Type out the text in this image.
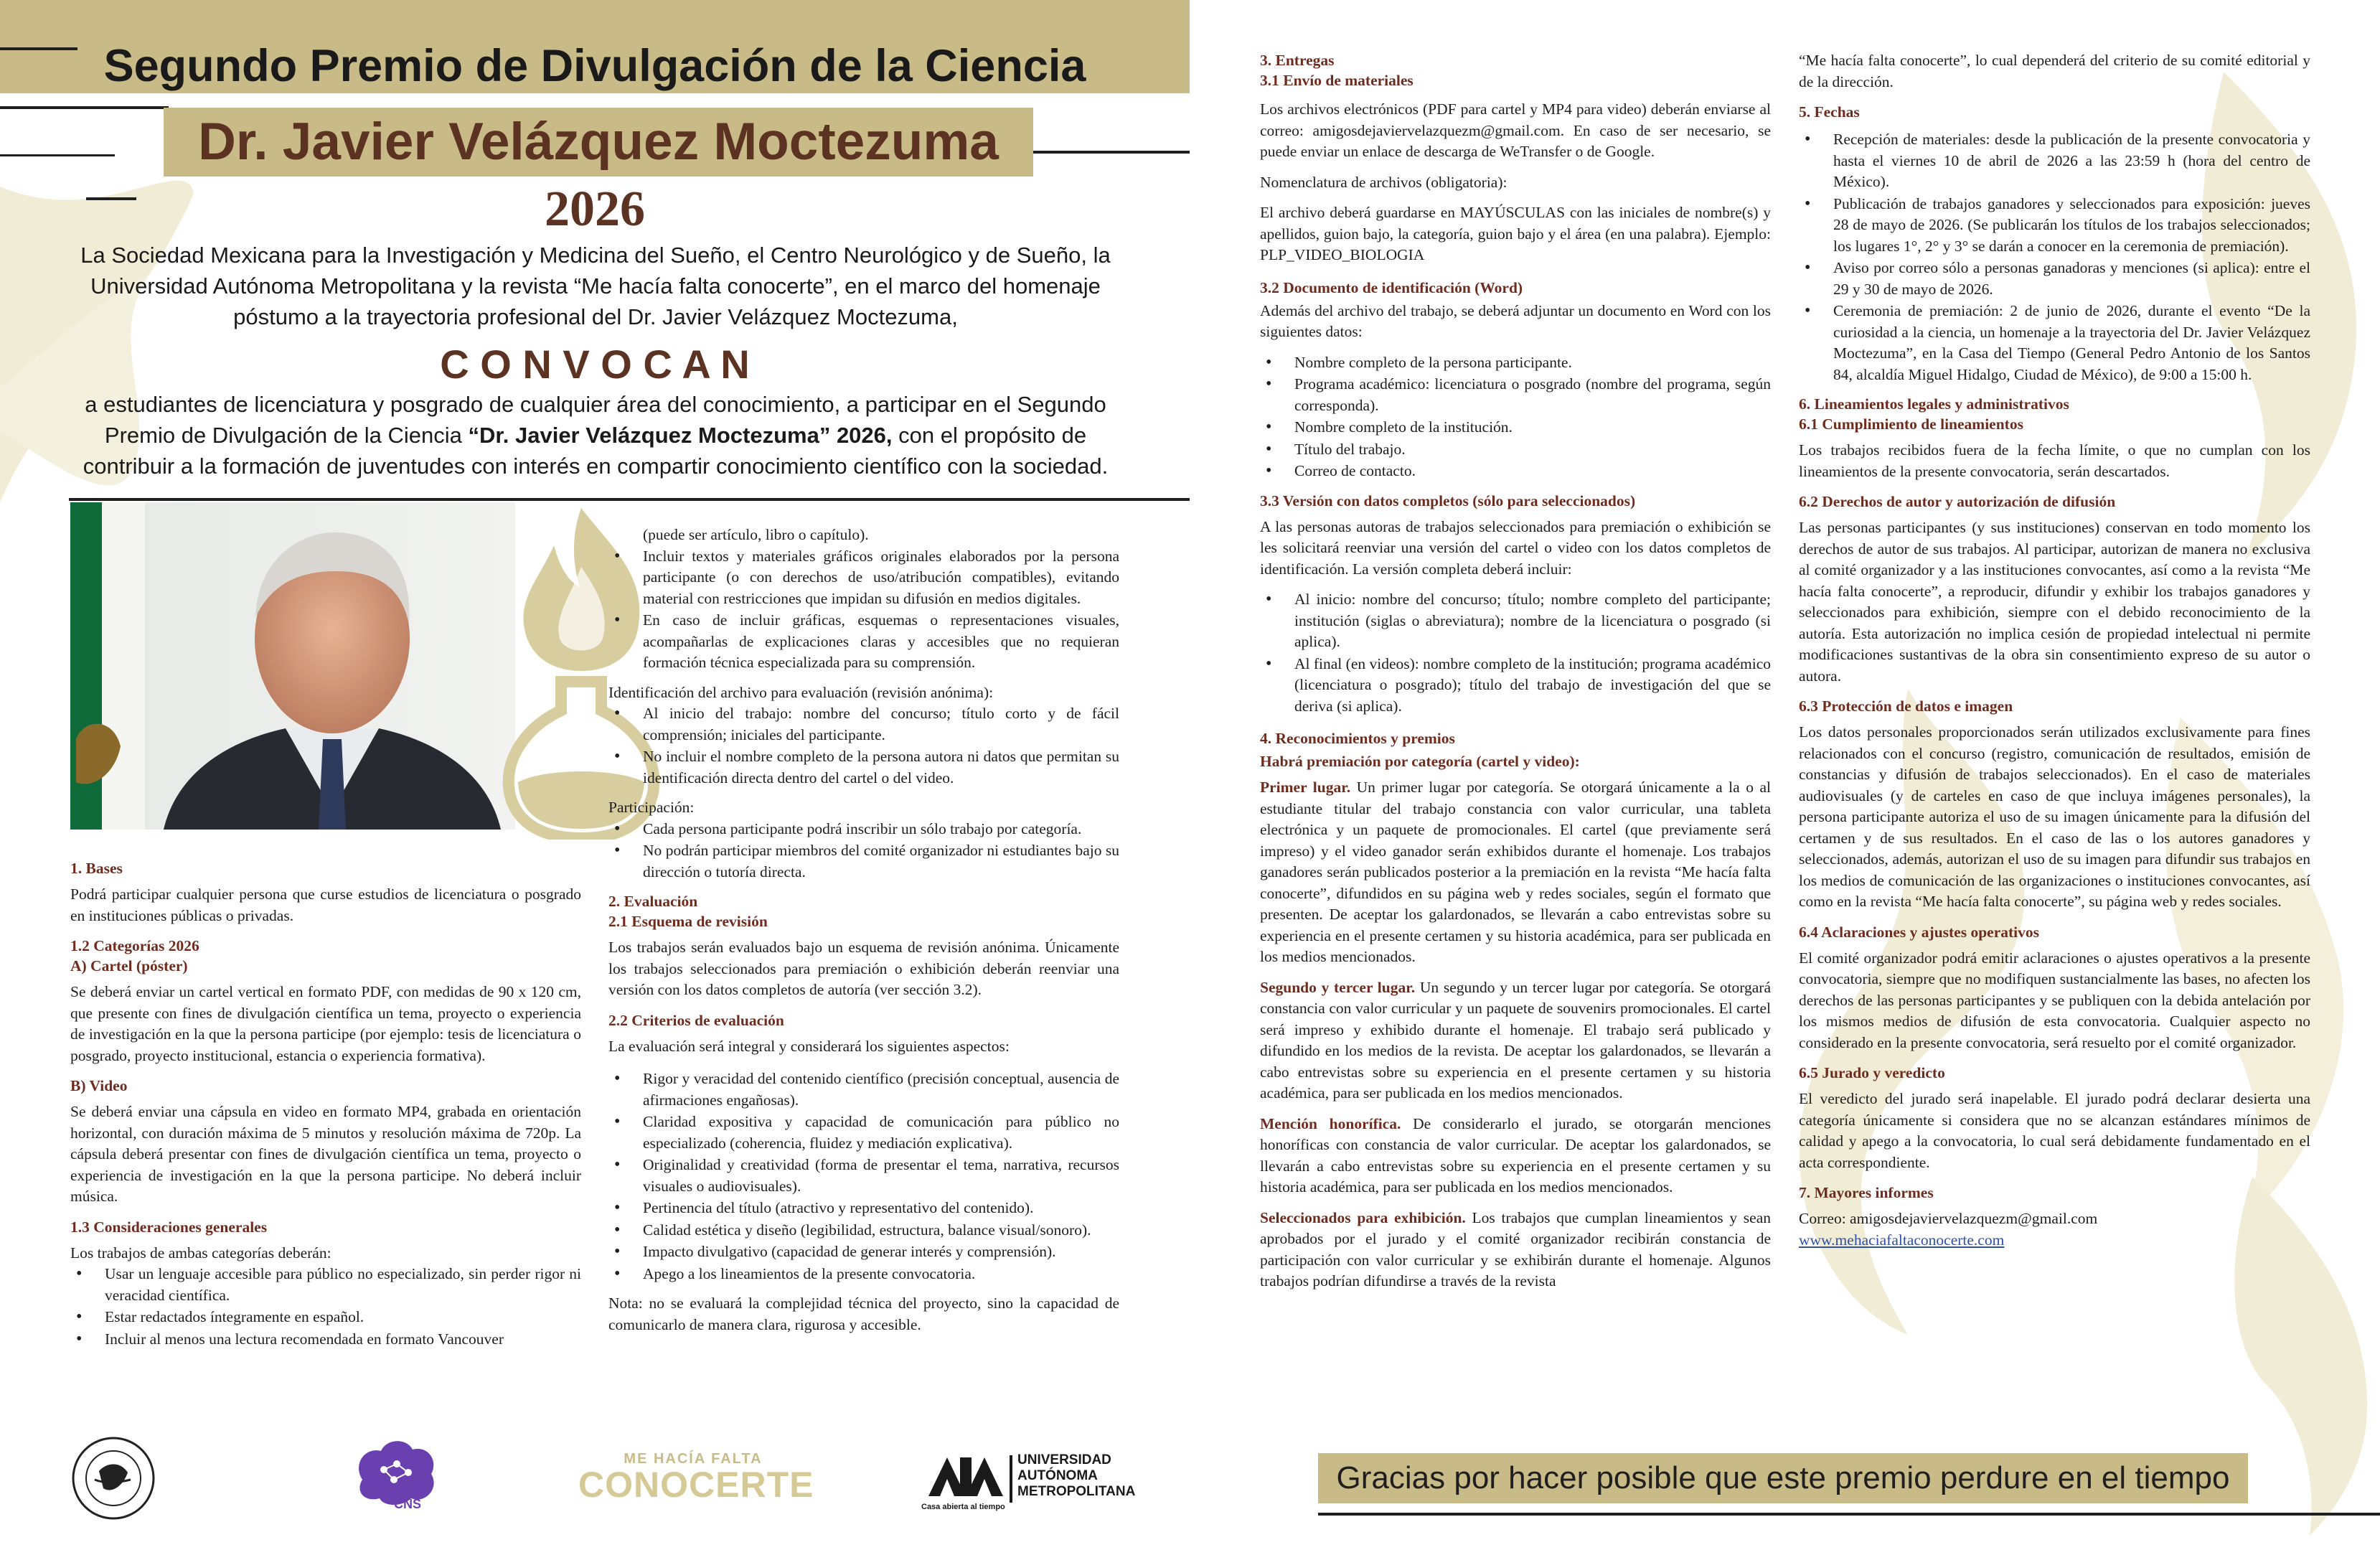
Segundo Premio de Divulgación de la Ciencia
Dr. Javier Velázquez Moctezuma
2026
La Sociedad Mexicana para la Investigación y Medicina del Sueño, el Centro Neurológico y de Sueño, la Universidad Autónoma Metropolitana y la revista “Me hacía falta conocerte”, en el marco del homenaje póstumo a la trayectoria profesional del Dr. Javier Velázquez Moctezuma,
C O N V O C A N
a estudiantes de licenciatura y posgrado de cualquier área del conocimiento, a participar en el Segundo Premio de Divulgación de la Ciencia “Dr. Javier Velázquez Moctezuma” 2026, con el propósito de contribuir a la formación de juventudes con interés en compartir conocimiento científico con la sociedad.
1. Bases

Podrá participar cualquier persona que curse estudios de licenciatura o posgrado en instituciones públicas o privadas.

1.2 Categorías 2026
A) Cartel (póster)

Se deberá enviar un cartel vertical en formato PDF, con medidas de 90 x 120 cm, que presente con fines de divulgación científica un tema, proyecto o experiencia de investigación en la que la persona participe (por ejemplo: tesis de licenciatura o posgrado, proyecto institucional, estancia o experiencia formativa).

B) Video

Se deberá enviar una cápsula en video en formato MP4, grabada en orientación horizontal, con duración máxima de 5 minutos y resolución máxima de 720p. La cápsula deberá presentar con fines de divulgación científica un tema, proyecto o experiencia de investigación en la que la persona participe. No deberá incluir música.

1.3 Consideraciones generales

Los trabajos de ambas categorías deberán:

• Usar un lenguaje accesible para público no especializado, sin perder rigor ni veracidad científica.
• Estar redactados íntegramente en español.
• Incluir al menos una lectura recomendada en formato Vancouver

(puede ser artículo, libro o capítulo).

• Incluir textos y materiales gráficos originales elaborados por la persona participante (o con derechos de uso/atribución compatibles), evitando material con restricciones que impidan su difusión en medios digitales.
• En caso de incluir gráficas, esquemas o representaciones visuales, acompañarlas de explicaciones claras y accesibles que no requieran formación técnica especializada para su comprensión.

Identificación del archivo para evaluación (revisión anónima):

• Al inicio del trabajo: nombre del concurso; título corto y de fácil comprensión; iniciales del participante.
• No incluir el nombre completo de la persona autora ni datos que permitan su identificación directa dentro del cartel o del video.

Participación:

• Cada persona participante podrá inscribir un sólo trabajo por categoría.
• No podrán participar miembros del comité organizador ni estudiantes bajo su dirección o tutoría directa.
2. Evaluación
2.1 Esquema de revisión

Los trabajos serán evaluados bajo un esquema de revisión anónima. Únicamente los trabajos seleccionados para premiación o exhibición deberán reenviar una versión con los datos completos de autoría (ver sección 3.2).

2.2 Criterios de evaluación

La evaluación será integral y considerará los siguientes aspectos:

• Rigor y veracidad del contenido científico (precisión conceptual, ausencia de afirmaciones engañosas).
• Claridad expositiva y capacidad de comunicación para público no especializado (coherencia, fluidez y mediación explicativa).
• Originalidad y creatividad (forma de presentar el tema, narrativa, recursos visuales o audiovisuales).
• Pertinencia del título (atractivo y representativo del contenido).
• Calidad estética y diseño (legibilidad, estructura, balance visual/sonoro).
• Impacto divulgativo (capacidad de generar interés y comprensión).
• Apego a los lineamientos de la presente convocatoria.

Nota: no se evaluará la complejidad técnica del proyecto, sino la capacidad de comunicarlo de manera clara, rigurosa y accesible.

CNS
ME HACÍA FALTA
CONOCERTE
UNIVERSIDAD
AUTÓNOMA
METROPOLITANA
Casa abierta al tiempo
3. Entregas
3.1 Envío de materiales

Los archivos electrónicos (PDF para cartel y MP4 para video) deberán enviarse al correo: amigosdejaviervelazquezm@gmail.com. En caso de ser necesario, se puede enviar un enlace de descarga de WeTransfer o de Google.

Nomenclatura de archivos (obligatoria):

El archivo deberá guardarse en MAYÚSCULAS con las iniciales de nombre(s) y apellidos, guion bajo, la categoría, guion bajo y el área (en una palabra). Ejemplo: PLP_VIDEO_BIOLOGIA

3.2 Documento de identificación (Word)

Además del archivo del trabajo, se deberá adjuntar un documento en Word con los siguientes datos:

• Nombre completo de la persona participante.
• Programa académico: licenciatura o posgrado (nombre del programa, según corresponda).
• Nombre completo de la institución.
• Título del trabajo.
• Correo de contacto.
3.3 Versión con datos completos (sólo para seleccionados)

A las personas autoras de trabajos seleccionados para premiación o exhibición se les solicitará reenviar una versión del cartel o video con los datos completos de identificación. La versión completa deberá incluir:

• Al inicio: nombre del concurso; título; nombre completo del participante; institución (siglas o abreviatura); nombre de la licenciatura o posgrado (si aplica).
• Al final (en videos): nombre completo de la institución; programa académico (licenciatura o posgrado); título del trabajo de investigación del que se deriva (si aplica).
4. Reconocimientos y premios
Habrá premiación por categoría (cartel y video):

Primer lugar. Un primer lugar por categoría. Se otorgará únicamente a la o al estudiante titular del trabajo constancia con valor curricular, una tableta electrónica y un paquete de promocionales. El cartel (que previamente será impreso) y el video ganador serán exhibidos durante el homenaje. Los trabajos ganadores serán publicados posterior a la premiación en la revista “Me hacía falta conocerte”, difundidos en su página web y redes sociales, según el formato que presenten. De aceptar los galardonados, se llevarán a cabo entrevistas sobre su experiencia en el presente certamen y su historia académica, para ser publicada en los medios mencionados.

Segundo y tercer lugar. Un segundo y un tercer lugar por categoría. Se otorgará constancia con valor curricular y un paquete de souvenirs promocionales. El cartel será impreso y exhibido durante el homenaje. El trabajo será publicado y difundido en los medios de la revista. De aceptar los galardonados, se llevarán a cabo entrevistas sobre su experiencia en el presente certamen y su historia académica, para ser publicada en los medios mencionados.

Mención honorífica. De considerarlo el jurado, se otorgarán menciones honoríficas con constancia de valor curricular. De aceptar los galardonados, se llevarán a cabo entrevistas sobre su experiencia en el presente certamen y su historia académica, para ser publicada en los medios mencionados.

Seleccionados para exhibición. Los trabajos que cumplan lineamientos y sean aprobados por el jurado y el comité organizador recibirán constancia de participación con valor curricular y se exhibirán durante el homenaje. Algunos trabajos podrían difundirse a través de la revista

“Me hacía falta conocerte”, lo cual dependerá del criterio de su comité editorial y de la dirección.

5. Fechas
• Recepción de materiales: desde la publicación de la presente convocatoria y hasta el viernes 10 de abril de 2026 a las 23:59 h (hora del centro de México).
• Publicación de trabajos ganadores y seleccionados para exposición: jueves 28 de mayo de 2026. (Se publicarán los títulos de los trabajos seleccionados; los lugares 1°, 2° y 3° se darán a conocer en la ceremonia de premiación).
• Aviso por correo sólo a personas ganadoras y menciones (si aplica): entre el 29 y 30 de mayo de 2026.
• Ceremonia de premiación: 2 de junio de 2026, durante el evento “De la curiosidad a la ciencia, un homenaje a la trayectoria del Dr. Javier Velázquez Moctezuma”, en la Casa del Tiempo (General Pedro Antonio de los Santos 84, alcaldía Miguel Hidalgo, Ciudad de México), de 9:00 a 15:00 h.
6. Lineamientos legales y administrativos
6.1 Cumplimiento de lineamientos

Los trabajos recibidos fuera de la fecha límite, o que no cumplan con los lineamientos de la presente convocatoria, serán descartados.

6.2 Derechos de autor y autorización de difusión

Las personas participantes (y sus instituciones) conservan en todo momento los derechos de autor de sus trabajos. Al participar, autorizan de manera no exclusiva al comité organizador y a las instituciones convocantes, así como a la revista “Me hacía falta conocerte”, a reproducir, difundir y exhibir los trabajos ganadores y seleccionados para exhibición, siempre con el debido reconocimiento de la autoría. Esta autorización no implica cesión de propiedad intelectual ni permite modificaciones sustantivas de la obra sin consentimiento expreso de su autor o autora.

6.3 Protección de datos e imagen

Los datos personales proporcionados serán utilizados exclusivamente para fines relacionados con el concurso (registro, comunicación de resultados, emisión de constancias y difusión de trabajos seleccionados). En el caso de materiales audiovisuales (y de carteles en caso de que incluya imágenes personales), la persona participante autoriza el uso de su imagen únicamente para la difusión del certamen y de sus resultados. En el caso de las o los autores ganadores y seleccionados, además, autorizan el uso de su imagen para difundir sus trabajos en los medios de comunicación de las organizaciones o instituciones convocantes, así como en la revista “Me hacía falta conocerte”, su página web y redes sociales.

6.4 Aclaraciones y ajustes operativos

El comité organizador podrá emitir aclaraciones o ajustes operativos a la presente convocatoria, siempre que no modifiquen sustancialmente las bases, no afecten los derechos de las personas participantes y se publiquen con la debida antelación por los mismos medios de difusión de esta convocatoria. Cualquier aspecto no considerado en la presente convocatoria, será resuelto por el comité organizador.

6.5 Jurado y veredicto

El veredicto del jurado será inapelable. El jurado podrá declarar desierta una categoría únicamente si considera que no se alcanzan estándares mínimos de calidad y apego a la convocatoria, lo cual será debidamente fundamentado en el acta correspondiente.

7. Mayores informes

Correo: amigosdejaviervelazquezm@gmail.com

www.mehaciafaltaconocerte.com

Gracias por hacer posible que este premio perdure en el tiempo
